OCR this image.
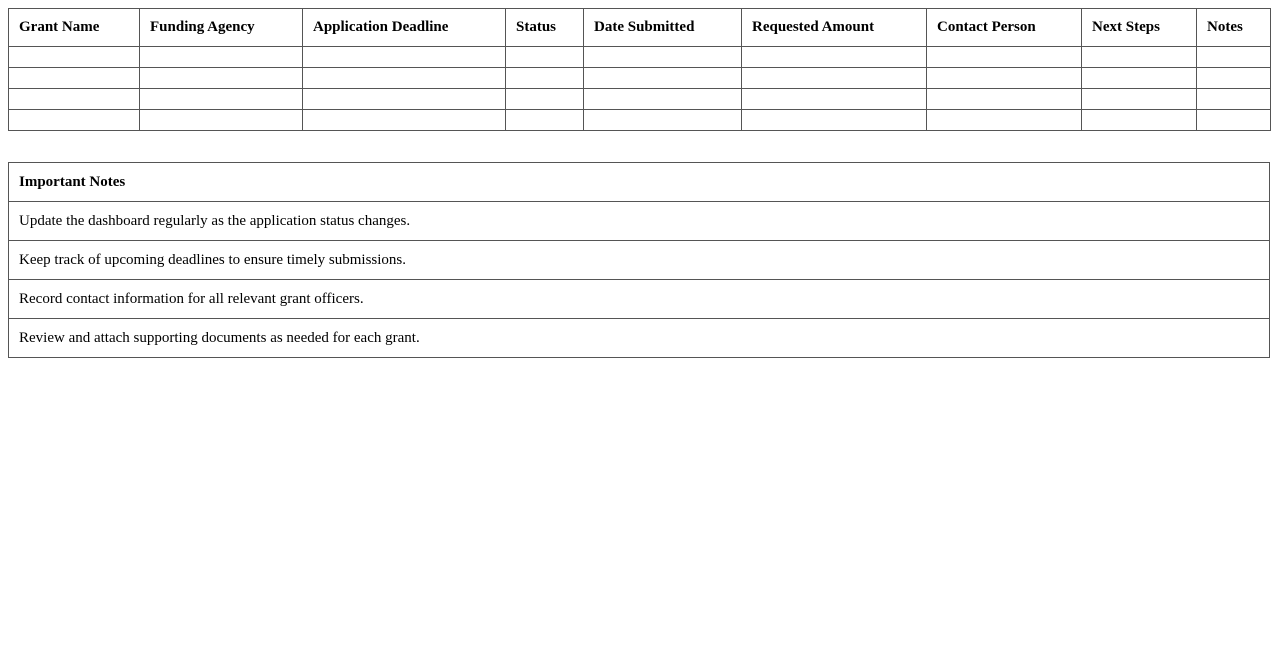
Grant Name	Funding Agency	Application Deadline	Status	Date Submitted	Requested Amount	Contact Person	Next Steps	Notes

Important Notes
Update the dashboard regularly as the application status changes.
Keep track of upcoming deadlines to ensure timely submissions.
Record contact information for all relevant grant officers.
Review and attach supporting documents as needed for each grant.
